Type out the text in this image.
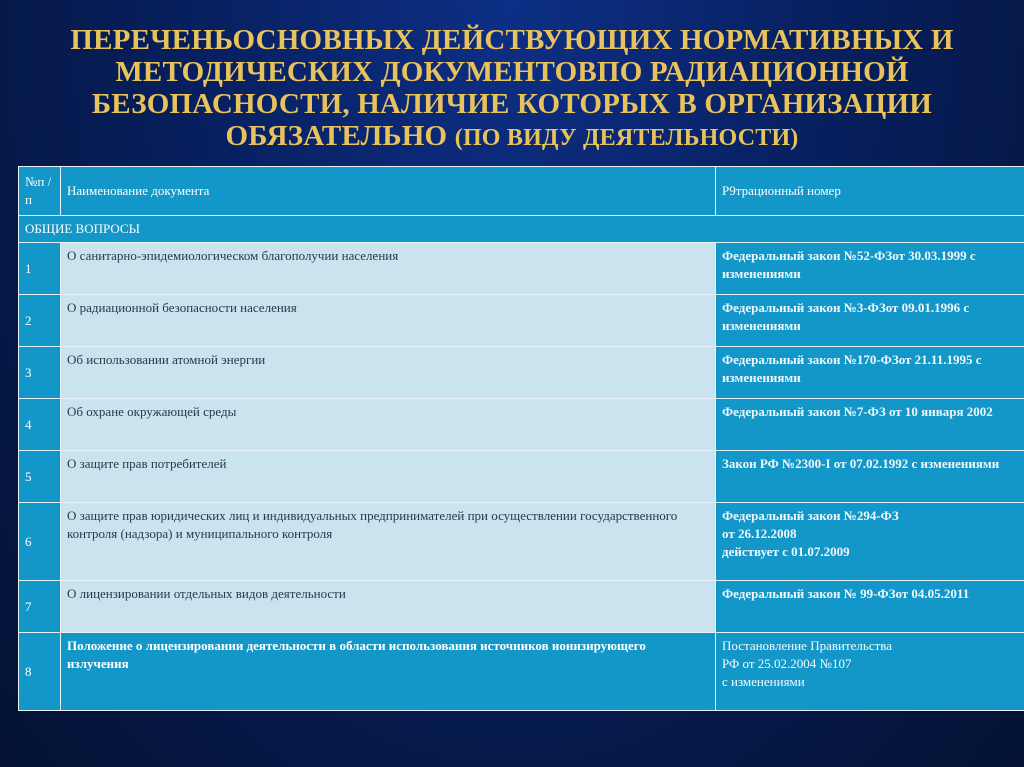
ПЕРЕЧЕНЬОСНОВНЫХ ДЕЙСТВУЮЩИХ НОРМАТИВНЫХ И
МЕТОДИЧЕСКИХ ДОКУМЕНТОВПО РАДИАЦИОННОЙ
БЕЗОПАСНОСТИ, НАЛИЧИЕ КОТОРЫХ В ОРГАНИЗАЦИИ
ОБЯЗАТЕЛЬНО (ПО ВИДУ ДЕЯТЕЛЬНОСТИ)
№п /п	Наименование документа	Р9трационный номер
ОБЩИЕ ВОПРОСЫ		
1	О санитарно-эпидемиологическом благополучии населения	Федеральный закон №52-ФЗот 30.03.1999 с изменениями

2	О радиационной безопасности населения	Федеральный закон №3-ФЗот 09.01.1996 с изменениями

3	Об использовании атомной энергии	Федеральный закон №170-ФЗот 21.11.1995 с изменениями

4	Об охране окружающей среды	Федеральный закон №7-ФЗ от 10 января 2002

5	О защите прав потребителей	Закон РФ №2300-I от 07.02.1992 с изменениями

6	О защите прав юридических лиц и индивидуальных предпринимателей при осуществлении государственного контроля (надзора) и муниципального контроля	Федеральный закон №294-ФЗ
от 26.12.2008
действует с 01.07.2009

7	О лицензировании отдельных видов деятельности	Федеральный закон № 99-ФЗот 04.05.2011

8	Положение о лицензировании деятельности в области использования источников ионизирующего излучения	Постановление Правительства
РФ от 25.02.2004 №107
с изменениями
